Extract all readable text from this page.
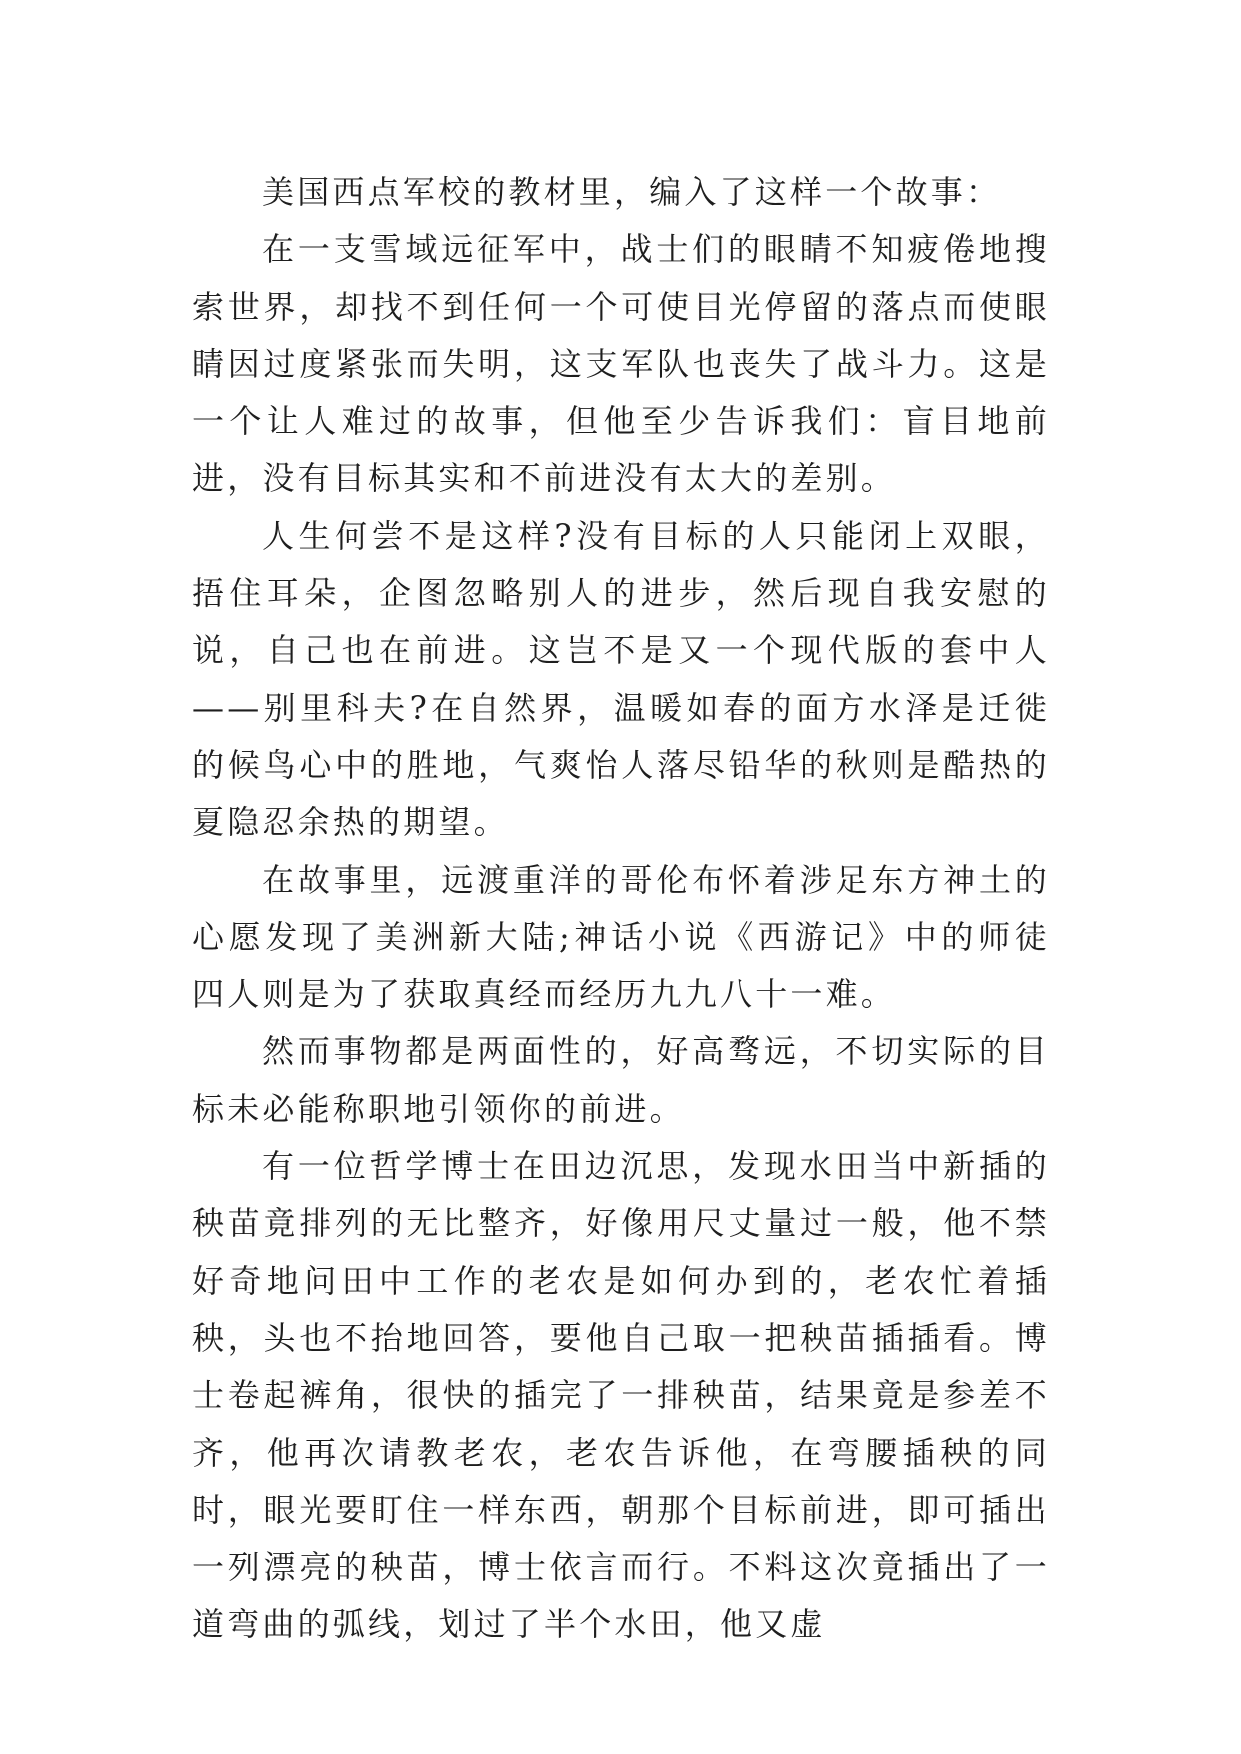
美国西点军校的教材里，编入了这样一个故事：

在一支雪域远征军中，战士们的眼睛不知疲倦地搜索世界，却找不到任何一个可使目光停留的落点而使眼睛因过度紧张而失明，这支军队也丧失了战斗力。这是一个让人难过的故事，但他至少告诉我们：盲目地前进，没有目标其实和不前进没有太大的差别。

人生何尝不是这样?没有目标的人只能闭上双眼，捂住耳朵，企图忽略别人的进步，然后现自我安慰的说，自己也在前进。这岂不是又一个现代版的套中人——别里科夫?在自然界，温暖如春的面方水泽是迁徙的候鸟心中的胜地，气爽怡人落尽铅华的秋则是酷热的夏隐忍余热的期望。

在故事里，远渡重洋的哥伦布怀着涉足东方神土的心愿发现了美洲新大陆;神话小说《西游记》中的师徒四人则是为了获取真经而经历九九八十一难。

然而事物都是两面性的，好高骛远，不切实际的目标未必能称职地引领你的前进。

有一位哲学博士在田边沉思，发现水田当中新插的秧苗竟排列的无比整齐，好像用尺丈量过一般，他不禁好奇地问田中工作的老农是如何办到的，老农忙着插秧，头也不抬地回答，要他自己取一把秧苗插插看。博士卷起裤角，很快的插完了一排秧苗，结果竟是参差不齐，他再次请教老农，老农告诉他，在弯腰插秧的同时，眼光要盯住一样东西，朝那个目标前进，即可插出一列漂亮的秧苗，博士依言而行。不料这次竟插出了一道弯曲的弧线，划过了半个水田，他又虚
